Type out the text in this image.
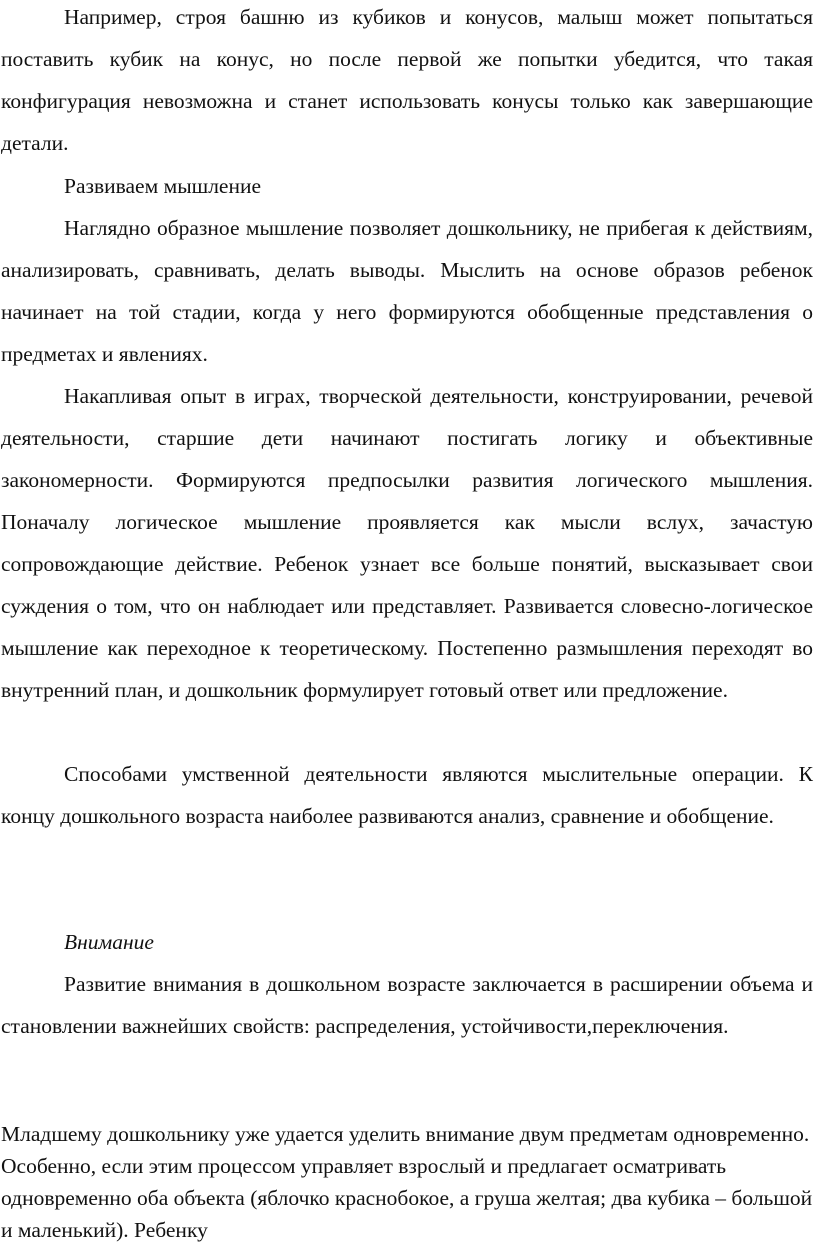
Например, строя башню из кубиков и конусов, малыш может попытаться поставить кубик на конус, но после первой же попытки убедится, что такая конфигурация невозможна и станет использовать конусы только как завершающие детали.

Развиваем мышление

Наглядно образное мышление позволяет дошкольнику, не прибегая к действиям, анализировать, сравнивать, делать выводы. Мыслить на основе образов ребенок начинает на той стадии, когда у него формируются обобщенные представления о предметах и явлениях.

Накапливая опыт в играх, творческой деятельности, конструировании, речевой деятельности, старшие дети начинают постигать логику и объективные закономерности. Формируются предпосылки развития логического мышления. Поначалу логическое мышление проявляется как мысли вслух, зачастую сопровождающие действие. Ребенок узнает все больше понятий, высказывает свои суждения о том, что он наблюдает или представляет. Развивается словесно-логическое мышление как переходное к теоретическому. Постепенно размышления переходят во внутренний план, и дошкольник формулирует готовый ответ или предложение.

Способами умственной деятельности являются мыслительные операции. К концу дошкольного возраста наиболее развиваются анализ, сравнение и обобщение.

Внимание

Развитие внимания в дошкольном возрасте заключается в расширении объема и становлении важнейших свойств: распределения, устойчивости,переключения.

Младшему дошкольнику уже удается уделить внимание двум предметам одновременно. Особенно, если этим процессом управляет взрослый и предлагает осматривать одновременно оба объекта (яблочко краснобокое, а груша желтая; два кубика – большой и маленький). Ребенку
